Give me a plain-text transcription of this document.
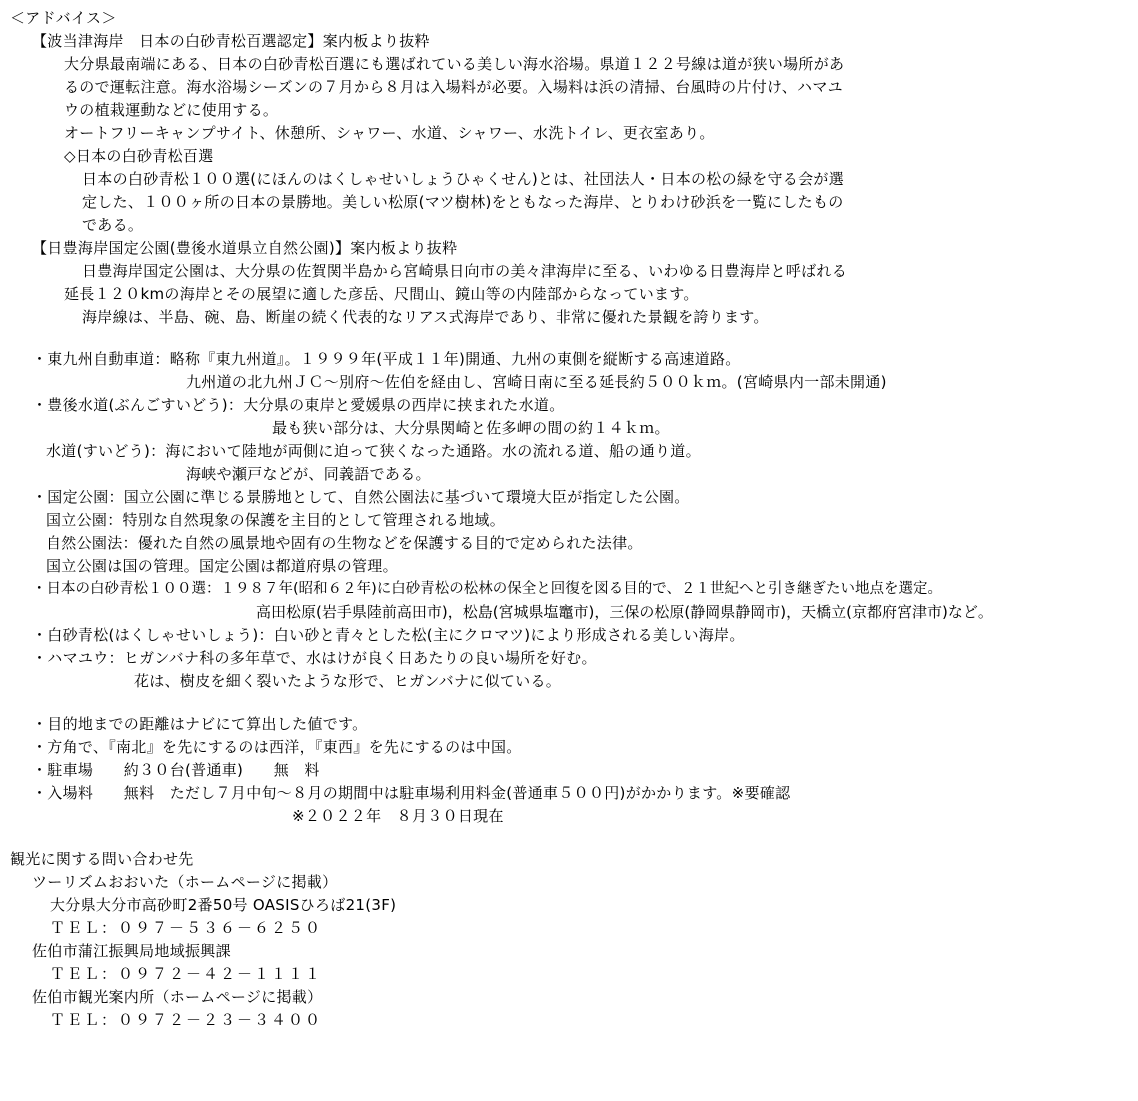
＜アドバイス＞
【波当津海岸　日本の白砂青松百選認定】案内板より抜粋
大分県最南端にある、日本の白砂青松百選にも選ばれている美しい海水浴場。県道１２２号線は道が狭い場所があ
るので運転注意。海水浴場シーズンの７月から８月は入場料が必要。入場料は浜の清掃、台風時の片付け、ハマユ
ウの植栽運動などに使用する。
オートフリーキャンプサイト、休憩所、シャワー、水道、シャワー、水洗トイレ、更衣室あり。
◇日本の白砂青松百選
日本の白砂青松１００選(にほんのはくしゃせいしょうひゃくせん)とは、社団法人・日本の松の緑を守る会が選
定した、１００ヶ所の日本の景勝地。美しい松原(マツ樹林)をともなった海岸、とりわけ砂浜を一覧にしたもの
である。
【日豊海岸国定公園(豊後水道県立自然公園)】案内板より抜粋
日豊海岸国定公園は、大分県の佐賀関半島から宮崎県日向市の美々津海岸に至る、いわゆる日豊海岸と呼ばれる
延長１２０kmの海岸とその展望に適した彦岳、尺間山、鏡山等の内陸部からなっています。
海岸線は、半島、碗、島、断崖の続く代表的なリアス式海岸であり、非常に優れた景観を誇ります。
・東九州自動車道：略称『東九州道』。１９９９年(平成１１年)開通、九州の東側を縦断する高速道路。
九州道の北九州ＪＣ～別府～佐伯を経由し、宮崎日南に至る延長約５００ｋｍ。(宮崎県内一部未開通)
・豊後水道(ぶんごすいどう)：大分県の東岸と愛媛県の西岸に挟まれた水道。
最も狭い部分は、大分県関崎と佐多岬の間の約１４ｋｍ。
水道(すいどう)：海において陸地が両側に迫って狭くなった通路。水の流れる道、船の通り道。
海峡や瀬戸などが、同義語である。
・国定公園：国立公園に準じる景勝地として、自然公園法に基づいて環境大臣が指定した公園。
国立公園：特別な自然現象の保護を主目的として管理される地域。
自然公園法：優れた自然の風景地や固有の生物などを保護する目的で定められた法律。
国立公園は国の管理。国定公園は都道府県の管理。
・日本の白砂青松１００選：１９８７年(昭和６２年)に白砂青松の松林の保全と回復を図る目的で、２１世紀へと引き継ぎたい地点を選定。
高田松原(岩手県陸前高田市)，松島(宮城県塩竈市)，三保の松原(静岡県静岡市)，天橋立(京都府宮津市)など。
・白砂青松(はくしゃせいしょう)：白い砂と青々とした松(主にクロマツ)により形成される美しい海岸。
・ハマユウ：ヒガンバナ科の多年草で、水はけが良く日あたりの良い場所を好む。
花は、樹皮を細く裂いたような形で、ヒガンバナに似ている。
・目的地までの距離はナビにて算出した値です。
・方角で、『南北』を先にするのは西洋，『東西』を先にするのは中国。
・駐車場　　約３０台(普通車)　　無　料
・入場料　　無料　ただし７月中旬～８月の期間中は駐車場利用料金(普通車５００円)がかかります。※要確認
※２０２２年　８月３０日現在
観光に関する問い合わせ先
ツーリズムおおいた（ホームページに掲載）
大分県大分市高砂町2番50号 OASISひろば21(3F)
ＴＥＬ：０９７－５３６－６２５０
佐伯市蒲江振興局地域振興課
ＴＥＬ：０９７２－４２－１１１１
佐伯市観光案内所（ホームページに掲載）
ＴＥＬ：０９７２－２３－３４００
